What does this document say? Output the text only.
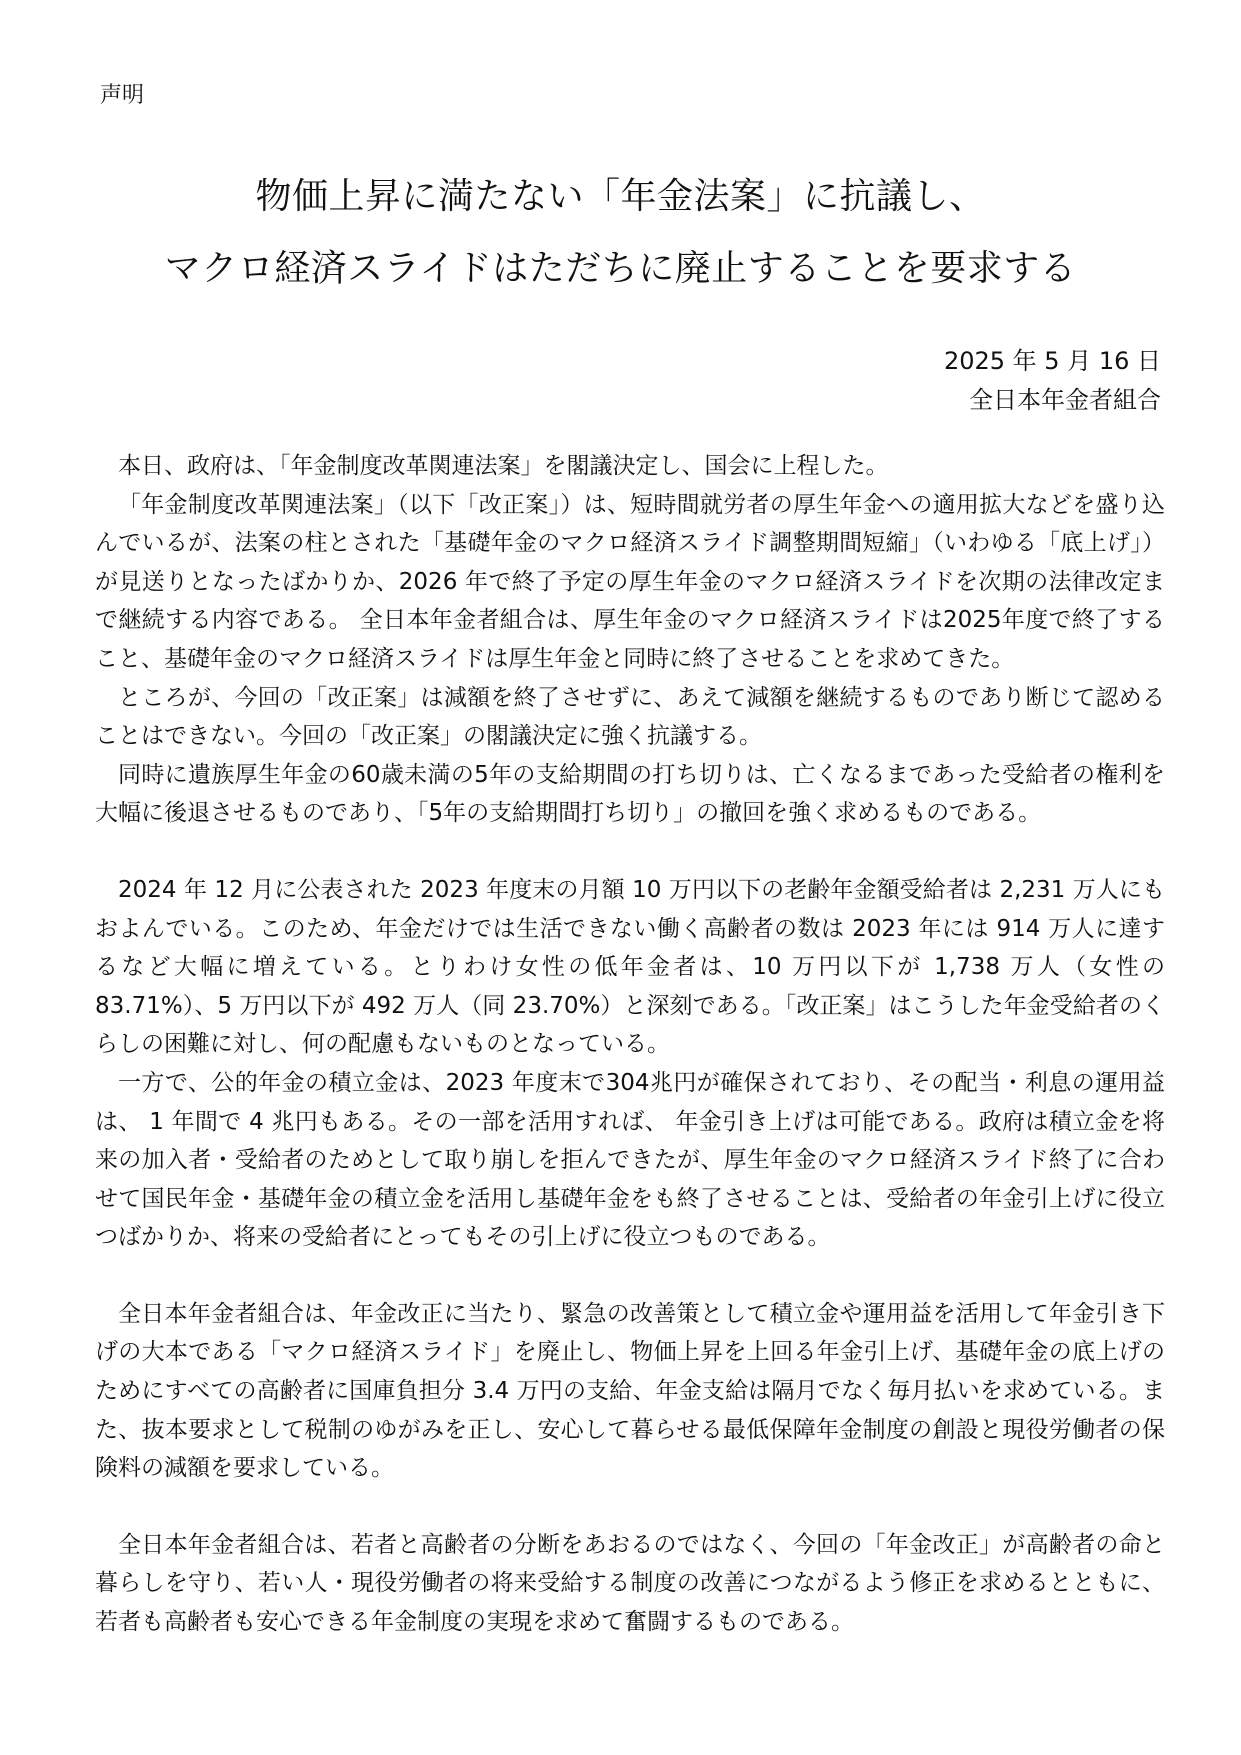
声明
物価上昇に満たない「年金法案」に抗議し、
マクロ経済スライドはただちに廃止することを要求する
2025 年 5 月 16 日
全日本年金者組合

本日、政府は、「年金制度改革関連法案」を閣議決定し、国会に上程した。

「年金制度改革関連法案」（以下「改正案」）は、短時間就労者の厚生年金への適用拡大などを盛り込んでいるが、法案の柱とされた「基礎年金のマクロ経済スライド調整期間短縮」（いわゆる「底上げ」）が見送りとなったばかりか、2026 年で終了予定の厚生年金のマクロ経済スライドを次期の法律改定まで継続する内容である。 全日本年金者組合は、厚生年金のマクロ経済スライドは2025年度で終了すること、基礎年金のマクロ経済スライドは厚生年金と同時に終了させることを求めてきた。

ところが、今回の「改正案」は減額を終了させずに、あえて減額を継続するものであり断じて認めることはできない。今回の「改正案」の閣議決定に強く抗議する。

同時に遺族厚生年金の60歳未満の5年の支給期間の打ち切りは、亡くなるまであった受給者の権利を大幅に後退させるものであり、「5年の支給期間打ち切り」の撤回を強く求めるものである。

2024 年 12 月に公表された 2023 年度末の月額 10 万円以下の老齢年金額受給者は 2,231 万人にもおよんでいる。このため、年金だけでは生活できない働く高齢者の数は 2023 年には 914 万人に達するなど大幅に増えている。とりわけ女性の低年金者は、10 万円以下が 1,738 万人（女性の 83.71%）、5 万円以下が 492 万人（同 23.70%）と深刻である。「改正案」はこうした年金受給者のくらしの困難に対し、何の配慮もないものとなっている。

一方で、公的年金の積立金は、2023 年度末で304兆円が確保されており、その配当・利息の運用益は、 1 年間で 4 兆円もある。その一部を活用すれば、 年金引き上げは可能である。政府は積立金を将来の加入者・受給者のためとして取り崩しを拒んできたが、厚生年金のマクロ経済スライド終了に合わせて国民年金・基礎年金の積立金を活用し基礎年金をも終了させることは、受給者の年金引上げに役立つばかりか、将来の受給者にとってもその引上げに役立つものである。

全日本年金者組合は、年金改正に当たり、緊急の改善策として積立金や運用益を活用して年金引き下げの大本である「マクロ経済スライド」を廃止し、物価上昇を上回る年金引上げ、基礎年金の底上げのためにすべての高齢者に国庫負担分 3.4 万円の支給、年金支給は隔月でなく毎月払いを求めている。また、抜本要求として税制のゆがみを正し、安心して暮らせる最低保障年金制度の創設と現役労働者の保険料の減額を要求している。

全日本年金者組合は、若者と高齢者の分断をあおるのではなく、今回の「年金改正」が高齢者の命と暮らしを守り、若い人・現役労働者の将来受給する制度の改善につながるよう修正を求めるとともに、若者も高齢者も安心できる年金制度の実現を求めて奮闘するものである。
